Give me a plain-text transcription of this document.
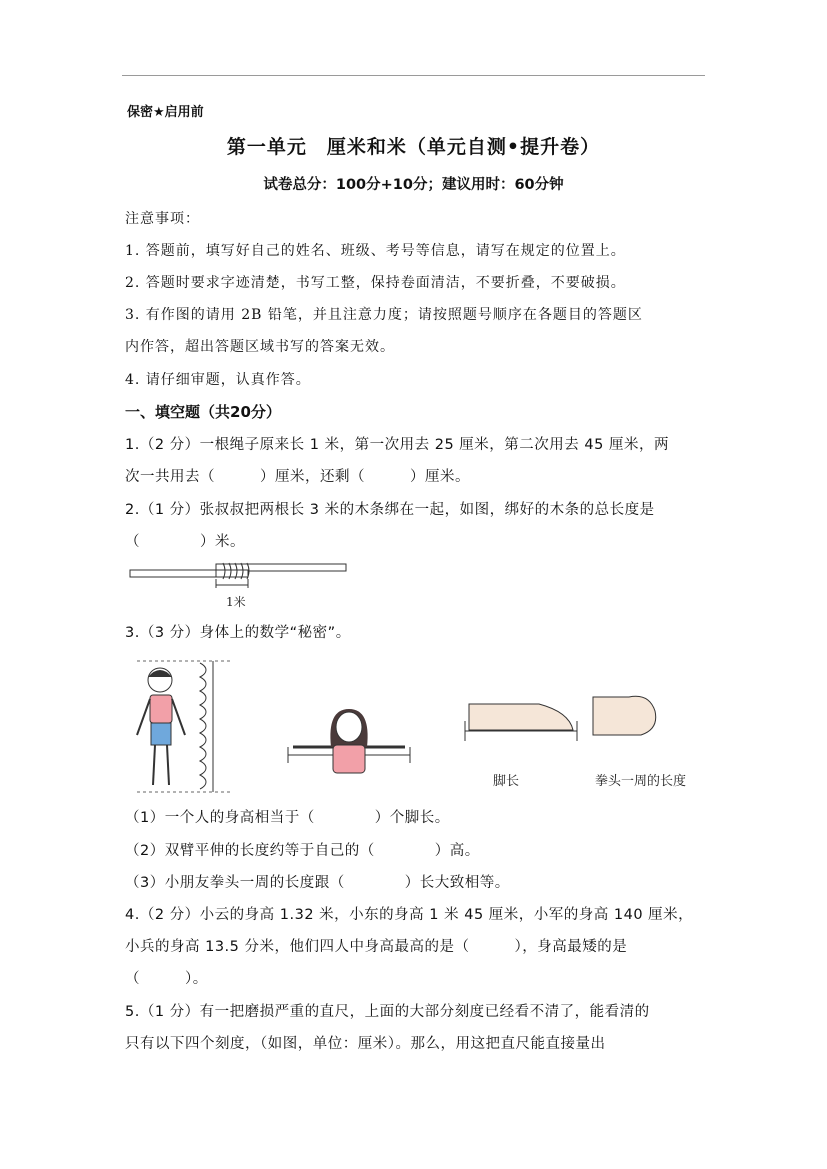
保密★启用前
第一单元　厘米和米（单元自测•提升卷）
试卷总分：100分+10分；建议用时：60分钟
注意事项：
1. 答题前，填写好自己的姓名、班级、考号等信息，请写在规定的位置上。
2. 答题时要求字迹清楚，书写工整，保持卷面清洁，不要折叠，不要破损。
3. 有作图的请用 2B 铅笔，并且注意力度；请按照题号顺序在各题目的答题区
内作答，超出答题区域书写的答案无效。
4. 请仔细审题，认真作答。
一、填空题（共20分）
1.（2 分）一根绳子原来长 1 米，第一次用去 25 厘米，第二次用去 45 厘米，两
次一共用去（　　　）厘米，还剩（　　　）厘米。
2.（1 分）张叔叔把两根长 3 米的木条绑在一起，如图，绑好的木条的总长度是
（　　　　）米。
1米
3.（3 分）身体上的数学“秘密”。
脚长	拳头一周的长度
（1）一个人的身高相当于（　　　　）个脚长。
（2）双臂平伸的长度约等于自己的（　　　　）高。
（3）小朋友拳头一周的长度跟（　　　　）长大致相等。
4.（2 分）小云的身高 1.32 米，小东的身高 1 米 45 厘米，小军的身高 140 厘米，
小兵的身高 13.5 分米，他们四人中身高最高的是（　　　），身高最矮的是
（　　　）。
5.（1 分）有一把磨损严重的直尺，上面的大部分刻度已经看不清了，能看清的
只有以下四个刻度，（如图，单位：厘米）。那么，用这把直尺能直接量出
